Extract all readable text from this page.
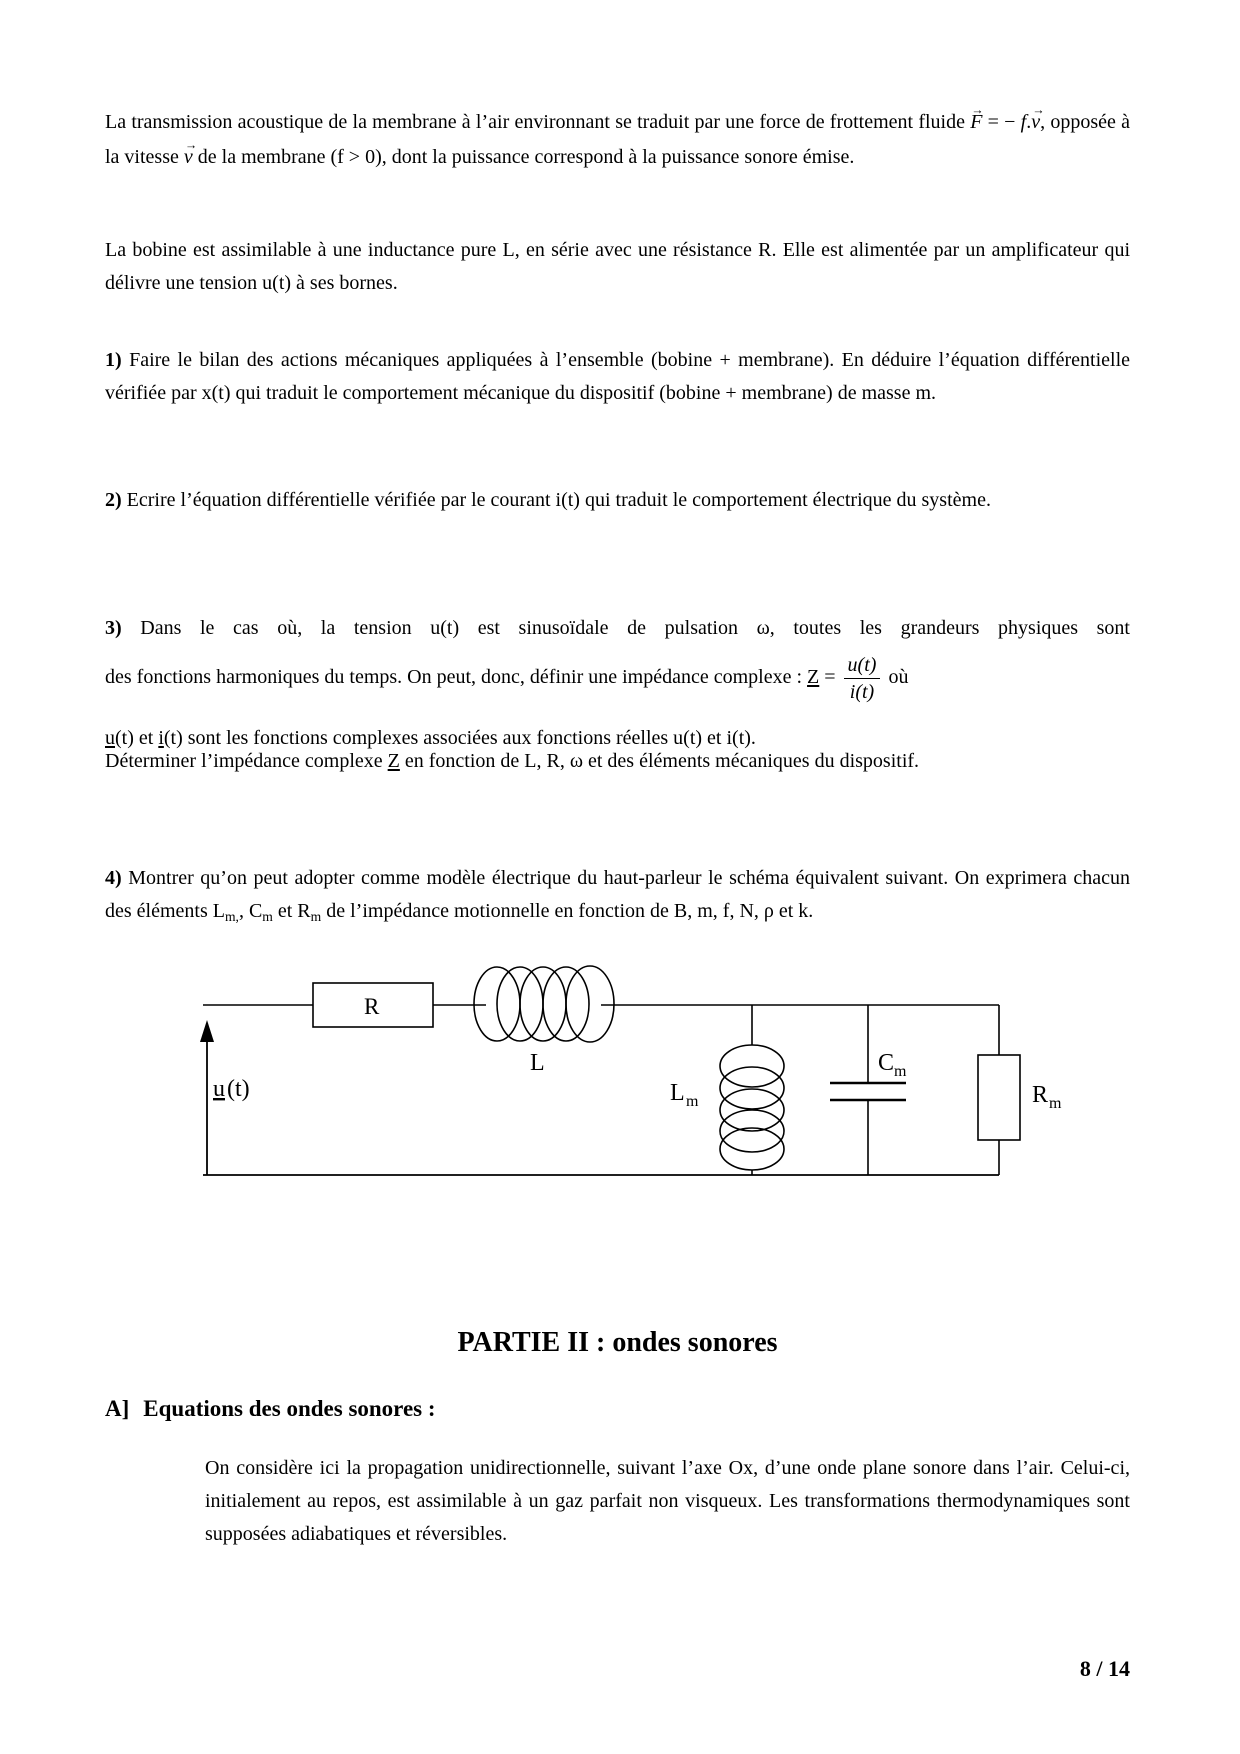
La transmission acoustique de la membrane à l’air environnant se traduit par une force de frottement fluide F → = − f.v →, opposée à la vitesse v → de la membrane (f > 0), dont la puissance correspond à la puissance sonore émise.
La bobine est assimilable à une inductance pure L, en série avec une résistance R. Elle est alimentée par un amplificateur qui délivre une tension u(t) à ses bornes.
1) Faire le bilan des actions mécaniques appliquées à l’ensemble (bobine + membrane). En déduire l’équation différentielle vérifiée par x(t) qui traduit le comportement mécanique du dispositif (bobine + membrane) de masse m.
2) Ecrire l’équation différentielle vérifiée par le courant i(t) qui traduit le comportement électrique du système.
3) Dans le cas où, la tension u(t) est sinusoïdale de pulsation ω, toutes les grandeurs physiques sont
des fonctions harmoniques du temps. On peut, donc, définir une impédance complexe : $Z = \frac{u(t)}{i(t)}$ où
u(t) et i(t) sont les fonctions complexes associées aux fonctions réelles u(t) et i(t).
Déterminer l’impédance complexe Z en fonction de L, R, ω et des éléments mécaniques du dispositif.
4) Montrer qu’on peut adopter comme modèle électrique du haut-parleur le schéma équivalent suivant. On exprimera chacun des éléments $L_{m,}$, $C_m$ et $R_m$ de l’impédance motionnelle en fonction de B, m, f, N, ρ et k.
u (t)
R
L
L m
C m
R m
PARTIE II : ondes sonores
A] Equations des ondes sonores :
On considère ici la propagation unidirectionnelle, suivant l’axe Ox, d’une onde plane sonore dans l’air. Celui-ci, initialement au repos, est assimilable à un gaz parfait non visqueux. Les transformations thermodynamiques sont supposées adiabatiques et réversibles.
8 / 14
